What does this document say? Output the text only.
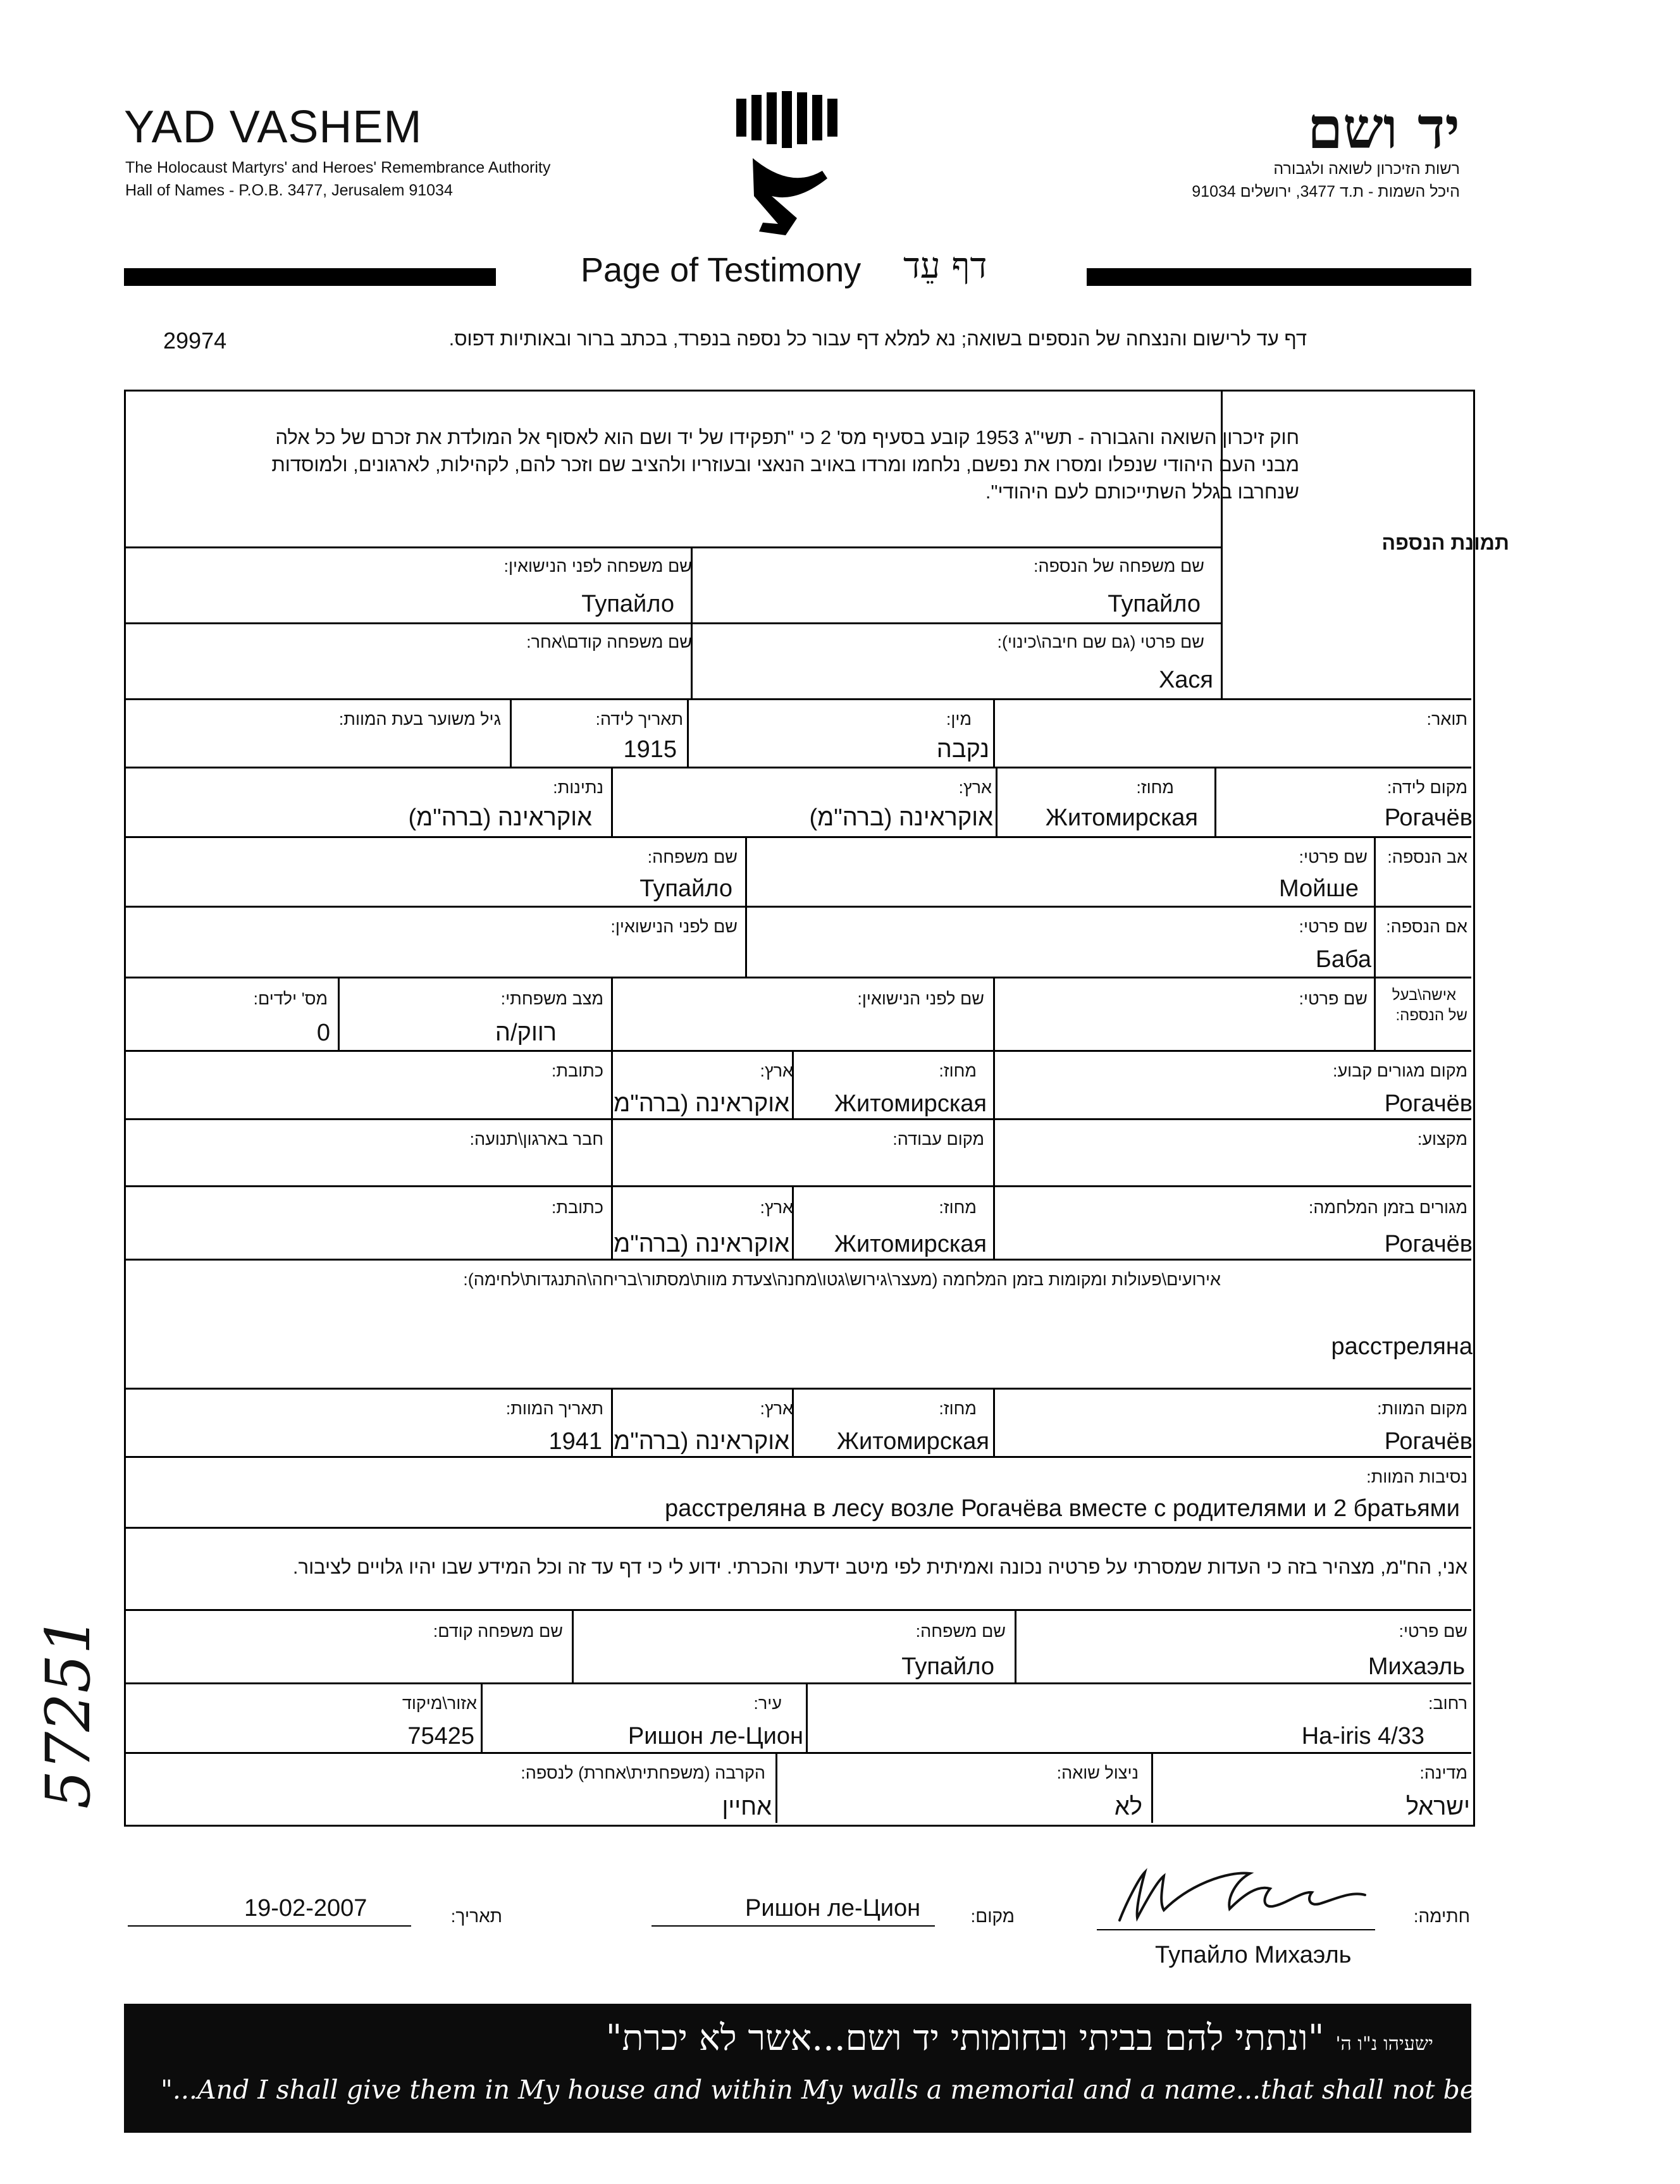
YAD VASHEM
The Holocaust Martyrs' and Heroes' Remembrance Authority
Hall of Names - P.O.B. 3477, Jerusalem 91034
יד ושם
רשות הזיכרון לשואה ולגבורה
היכל השמות - ת.ד 3477, ירושלים 91034
Page of Testimony דף עֵד
דף עד לרישום והנצחה של הנספים בשואה; נא למלא דף עבור כל נספה בנפרד, בכתב ברור ובאותיות דפוס.
29974
תמונת הנספה
חוק זיכרון השואה והגבורה - תשי"ג 1953 קובע בסעיף מס' 2 כי "תפקידו של יד ושם הוא לאסוף אל המולדת את זכרם של כל אלה מבני העם היהודי שנפלו ומסרו את נפשם, נלחמו ומרדו באויב הנאצי ובעוזריו ולהציב שם וזכר להם, לקהילות, לארגונים, ולמוסדות שנחרבו בגלל השתייכותם לעם היהודי".
שם משפחה של הנספה:
Тупайло
שם משפחה לפני הנישואין:
Тупайло
שם פרטי (גם שם חיבה\כינוי):
Хася
שם משפחה קודם\אחר:
תואר:
מין:
נקבה
תאריך לידה:
1915
גיל משוער בעת המוות:
מקום לידה:
Рогачёв
מחוז:
Житомирская
ארץ:
אוקראינה (ברה"מ)
נתינות:
אוקראינה (ברה"מ)
אב הנספה:
שם פרטי:
Мойше
שם משפחה:
Тупайло
אם הנספה:
שם פרטי:
Баба
שם לפני הנישואין:
אישה\בעל
של הנספה:
שם פרטי:
שם לפני הנישואין:
מצב משפחתי:
רווק/ה
מס' ילדים:
0
מקום מגורים קבוע:
Рогачёв
מחוז:
Житомирская
ארץ:
אוקראינה (ברה"מ
כתובת:
מקצוע:
מקום עבודה:
חבר בארגון\תנועה:
מגורים בזמן המלחמה:
Рогачёв
מחוז:
Житомирская
ארץ:
אוקראינה (ברה"מ
כתובת:
אירועים\פעולות ומקומות בזמן המלחמה (מעצר\גירוש\גטו\מחנה\צעדת מוות\מסתור\בריחה\התנגדות\לחימה):
расстреляна
מקום המוות:
Рогачёв
מחוז:
Житомирская
ארץ:
אוקראינה (ברה"מ
תאריך המוות:
1941
נסיבות המוות:
расстреляна в лесу возле Рогачёва вместе с родителями и 2 братьями
אני, הח"מ, מצהיר בזה כי העדות שמסרתי על פרטיה נכונה ואמיתית לפי מיטב ידעתי והכרתי. ידוע לי כי דף עד זה וכל המידע שבו יהיו גלויים לציבור.
שם פרטי:
Михаэль
שם משפחה:
Тупайло
שם משפחה קודם:
רחוב:
Ha-iris 4/33
עיר:
Ришон ле-Цион
אזור\מיקוד
75425
מדינה:
ישראל
ניצול שואה:
לא
הקרבה (משפחתית\אחרת) לנספה:
אחיין
חתימה:
Тупайло Михаэль
מקום:
Ришон ле-Цион
תאריך:
19-02-2007
ישעיהו נ"ו ה' "ונתתי להם בביתי ובחומותי יד ושם...אשר לא יכרת"
"...And I shall give them in My house and within My walls a memorial and a name...that shall not be cut off" Isaiah 56:5
57251
